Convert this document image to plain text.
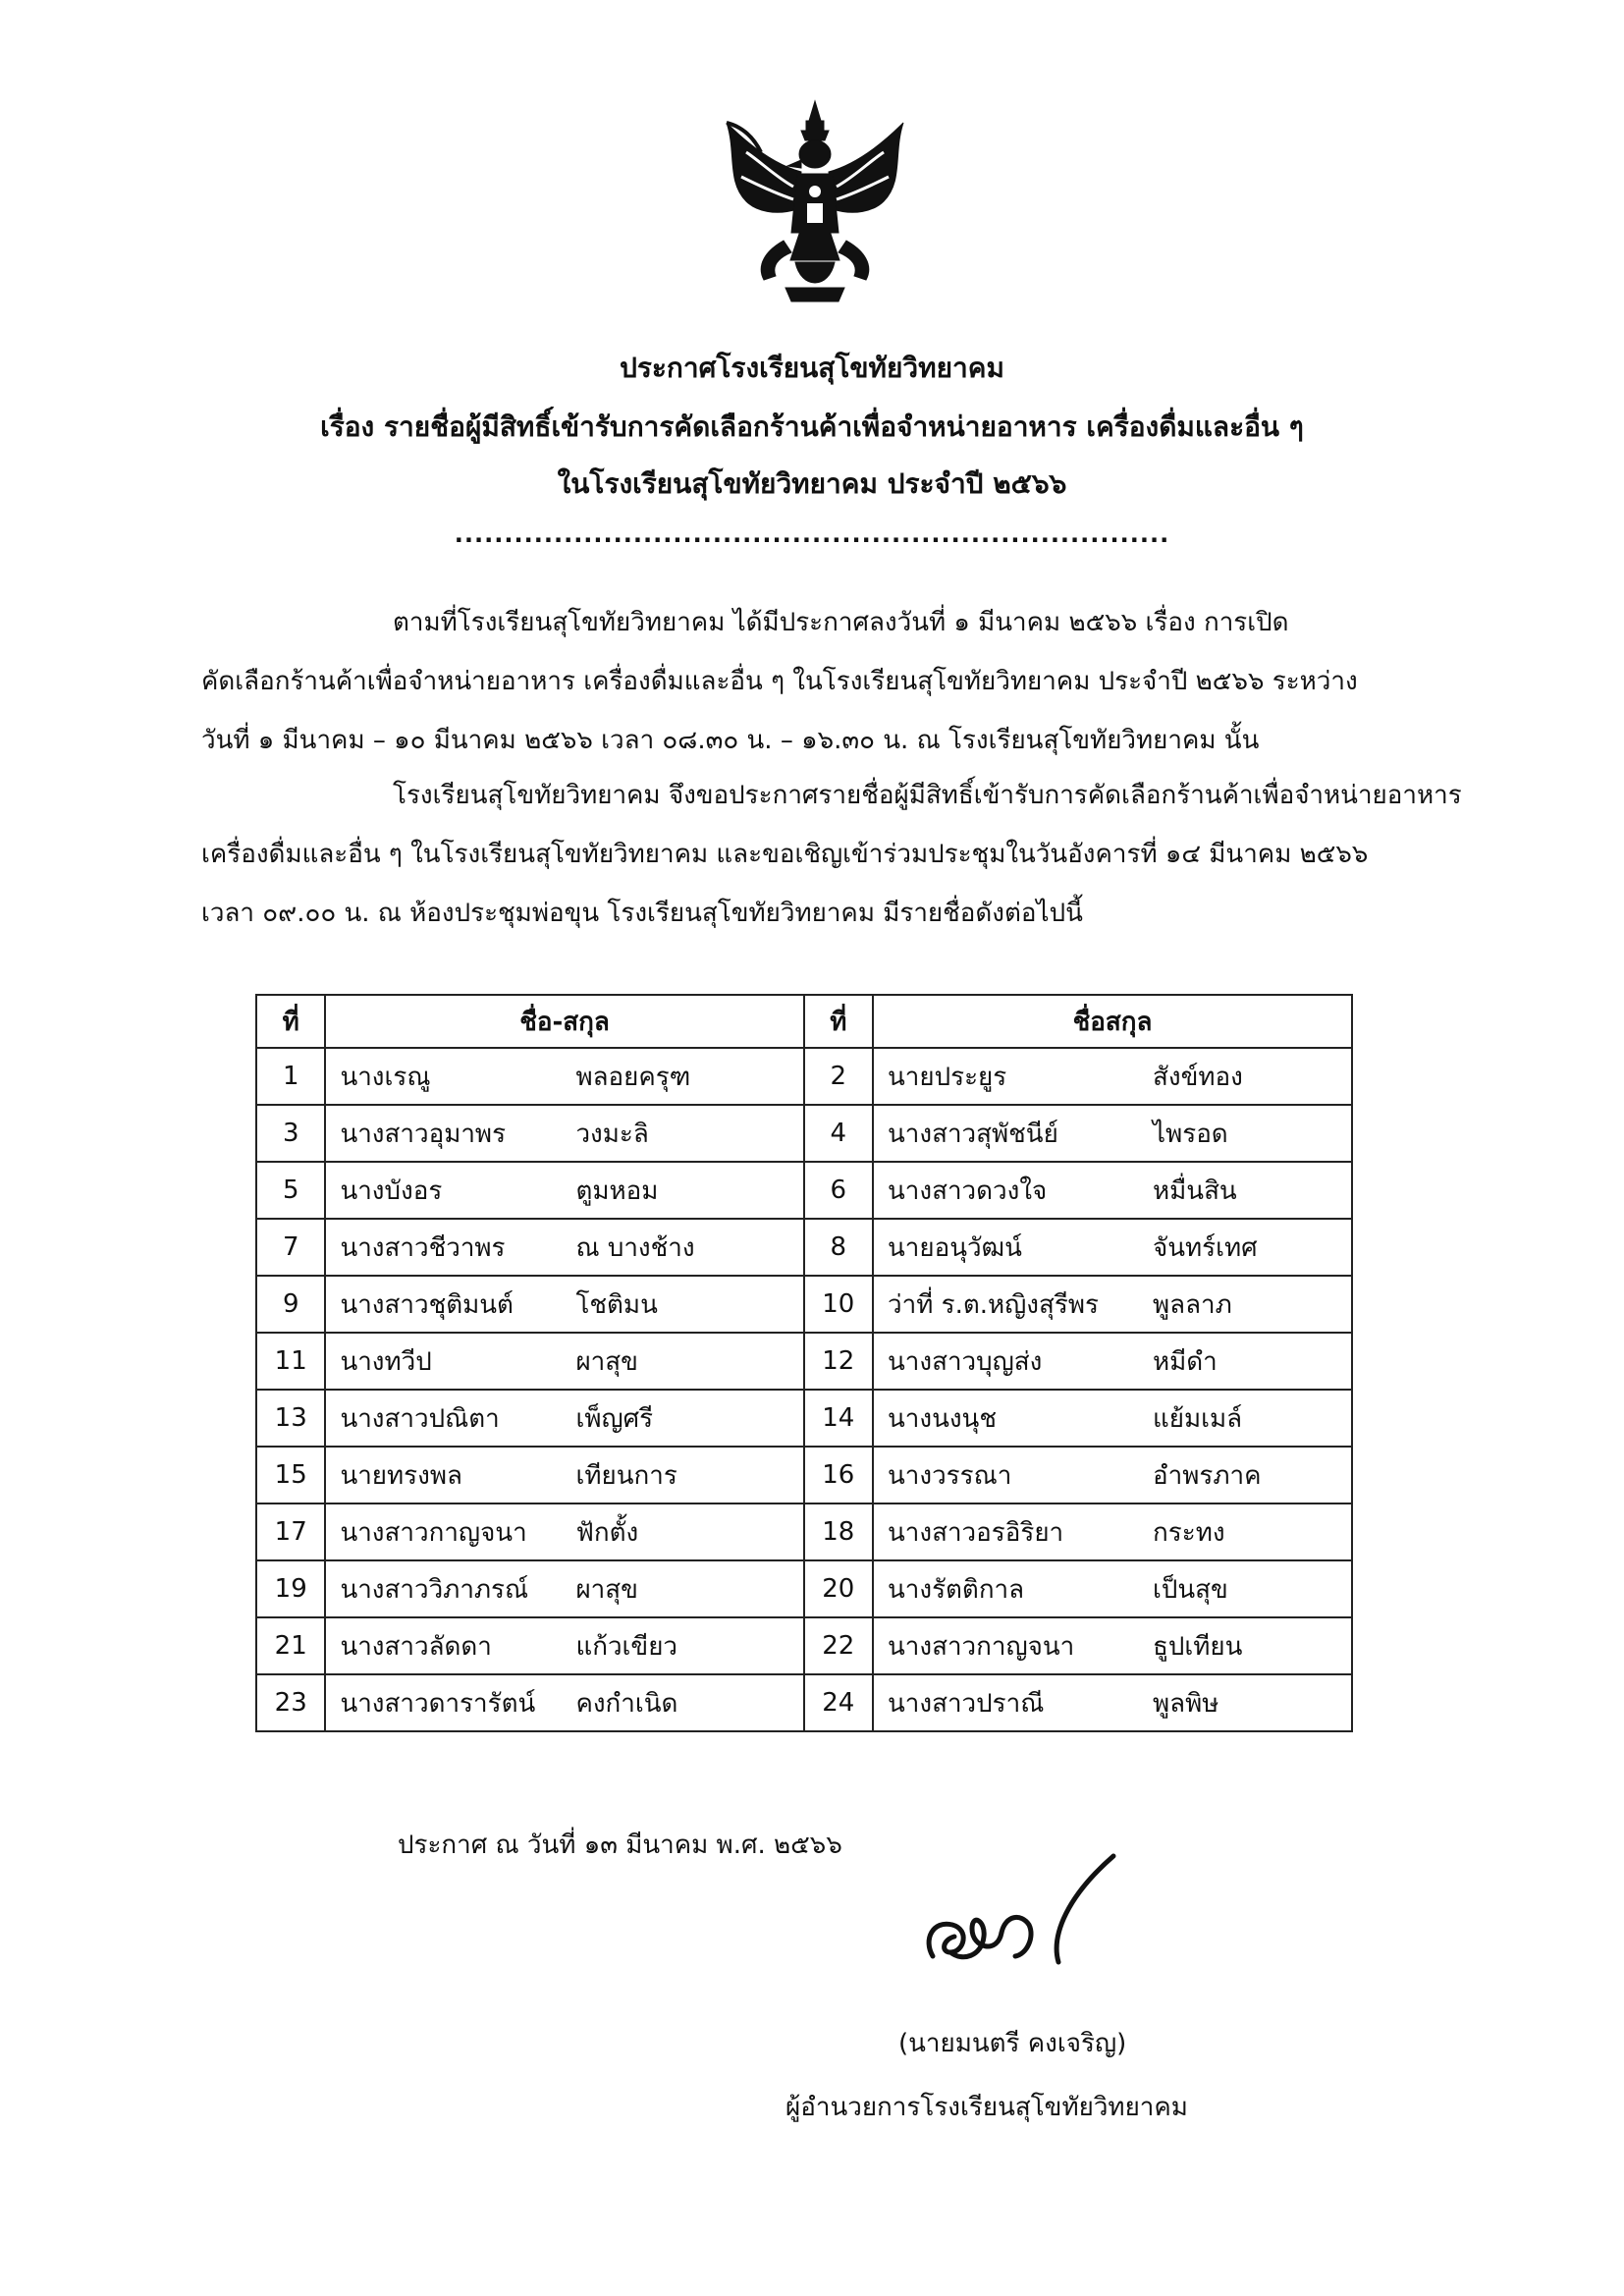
ประกาศโรงเรียนสุโขทัยวิทยาคม
เรื่อง รายชื่อผู้มีสิทธิ์เข้ารับการคัดเลือกร้านค้าเพื่อจำหน่ายอาหาร เครื่องดื่มและอื่น ๆ
ในโรงเรียนสุโขทัยวิทยาคม ประจำปี ๒๕๖๖
........................................................................

ตามที่โรงเรียนสุโขทัยวิทยาคม ได้มีประกาศลงวันที่ ๑ มีนาคม ๒๕๖๖ เรื่อง การเปิด

คัดเลือกร้านค้าเพื่อจำหน่ายอาหาร เครื่องดื่มและอื่น ๆ ในโรงเรียนสุโขทัยวิทยาคม ประจำปี ๒๕๖๖ ระหว่าง

วันที่ ๑ มีนาคม – ๑๐ มีนาคม ๒๕๖๖ เวลา ๐๘.๓๐ น. – ๑๖.๓๐ น. ณ โรงเรียนสุโขทัยวิทยาคม นั้น

โรงเรียนสุโขทัยวิทยาคม จึงขอประกาศรายชื่อผู้มีสิทธิ์เข้ารับการคัดเลือกร้านค้าเพื่อจำหน่ายอาหาร

เครื่องดื่มและอื่น ๆ ในโรงเรียนสุโขทัยวิทยาคม และขอเชิญเข้าร่วมประชุมในวันอังคารที่ ๑๔ มีนาคม ๒๕๖๖

เวลา ๐๙.๐๐ น. ณ ห้องประชุมพ่อขุน โรงเรียนสุโขทัยวิทยาคม มีรายชื่อดังต่อไปนี้

ที่	ชื่อ-สกุล	ที่	ชื่อสกุล
1	นางเรณู พลอยครุฑ	2	นายประยูร สังข์ทอง

3	นางสาวอุมาพร วงมะลิ	4	นางสาวสุพัชนีย์ ไพรอด

5	นางบังอร ตูมหอม	6	นางสาวดวงใจ หมื่นสิน

7	นางสาวชีวาพร ณ บางช้าง	8	นายอนุวัฒน์ จันทร์เทศ

9	นางสาวชุติมนต์ โชติมน	10	ว่าที่ ร.ต.หญิงสุรีพร พูลลาภ

11	นางทวีป ผาสุข	12	นางสาวบุญส่ง หมีดำ

13	นางสาวปณิตา เพ็ญศรี	14	นางนงนุช แย้มเมล์

15	นายทรงพล เทียนการ	16	นางวรรณา อำพรภาค

17	นางสาวกาญจนา ฟักตั้ง	18	นางสาวอรอิริยา กระทง

19	นางสาววิภาภรณ์ ผาสุข	20	นางรัตติกาล เป็นสุข

21	นางสาวลัดดา แก้วเขียว	22	นางสาวกาญจนา ธูปเทียน

23	นางสาวดารารัตน์ คงกำเนิด	24	นางสาวปราณี พูลพิษ
ประกาศ ณ วันที่ ๑๓ มีนาคม พ.ศ. ๒๕๖๖
(นายมนตรี คงเจริญ)
ผู้อำนวยการโรงเรียนสุโขทัยวิทยาคม
